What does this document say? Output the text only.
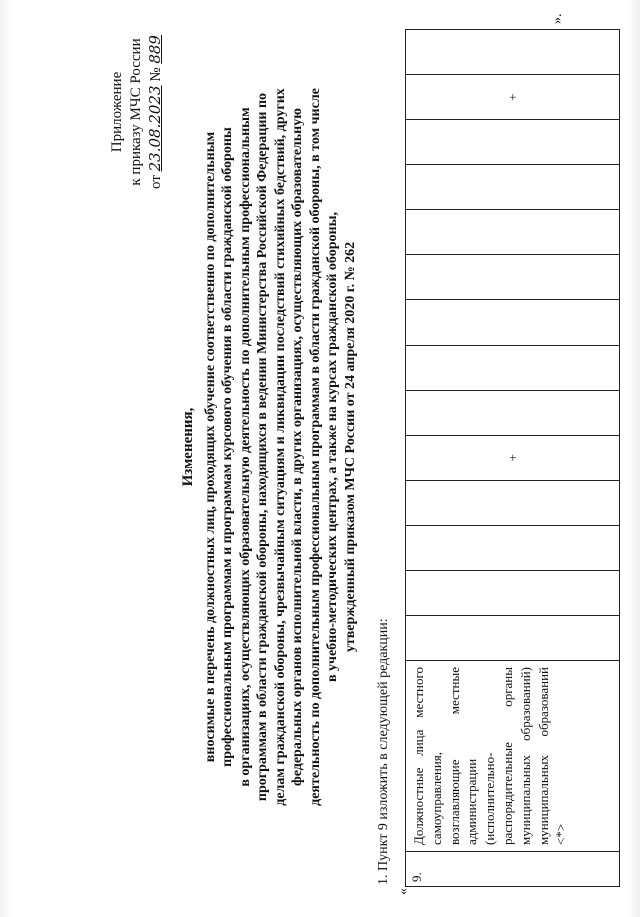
Приложение к приказу МЧС России от 23.08.2023 № 889
Изменения, вносимые в перечень должностных лиц, проходящих обучение соответственно по дополнительным профессиональным программам и программам курсового обучения в области гражданской обороны в организациях, осуществляющих образовательную деятельность по дополнительным профессиональным программам в области гражданской обороны, находящихся в ведении Министерства Российской Федерации по делам гражданской обороны, чрезвычайным ситуациям и ликвидации последствий стихийных бедствий, других федеральных органов исполнительной власти, в других организациях, осуществляющих образовательную деятельность по дополнительным профессиональным программам в области гражданской обороны, в том числе в учебно-методических центрах, а также на курсах гражданской обороны, утвержденный приказом МЧС России от 24 апреля 2020 г. № 262
1. Пункт 9 изложить в следующей редакции:
«
».
9.	Должностные лица местного самоуправления, возглавляющие местные администрации (исполнительно-распорядительные органы муниципальных образований) муниципальных образований <*>					+								+	
